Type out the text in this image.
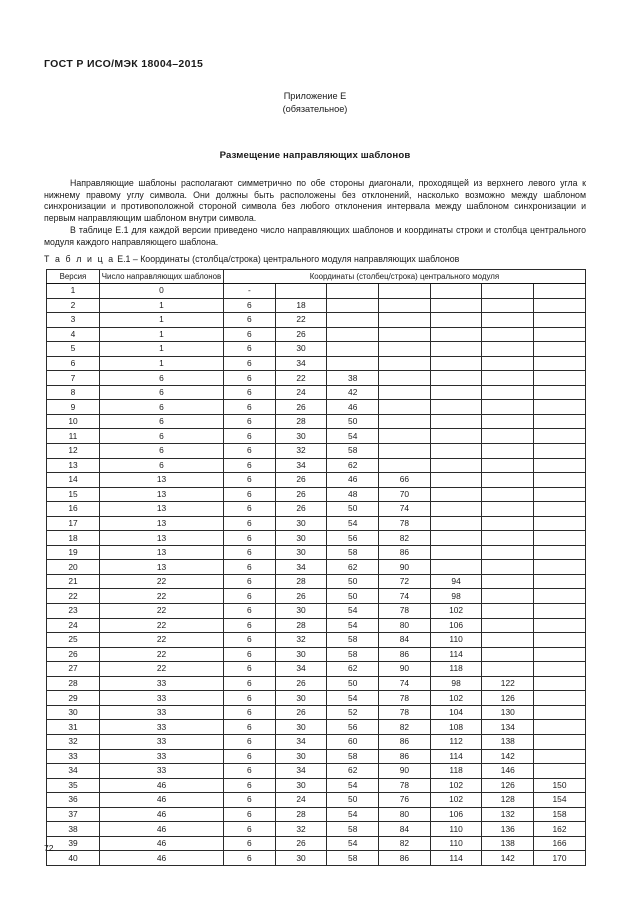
ГОСТ Р ИСО/МЭК 18004–2015
Приложение Е
(обязательное)
Размещение направляющих шаблонов

Направляющие шаблоны располагают симметрично по обе стороны диагонали, проходящей из верхнего левого угла к нижнему правому углу символа. Они должны быть расположены без отклонений, насколько возможно между шаблоном синхронизации и противоположной стороной символа без любого отклонения интервала между шаблоном синхронизации и первым направляющим шаблоном внутри символа.

В таблице Е.1 для каждой версии приведено число направляющих шаблонов и координаты строки и столбца центрального модуля каждого направляющего шаблона.

Т а б л и ц а Е.1 – Координаты (столбца/строка) центрального модуля направляющих шаблонов
Версия	Число направляющих шаблонов	Координаты (столбец/строка) центрального модуля						
1	0	-						
2	1	6	18					
3	1	6	22					
4	1	6	26					
5	1	6	30					
6	1	6	34					
7	6	6	22	38				
8	6	6	24	42				
9	6	6	26	46				
10	6	6	28	50				
11	6	6	30	54				
12	6	6	32	58				
13	6	6	34	62				
14	13	6	26	46	66			
15	13	6	26	48	70			
16	13	6	26	50	74			
17	13	6	30	54	78			
18	13	6	30	56	82			
19	13	6	30	58	86			
20	13	6	34	62	90			
21	22	6	28	50	72	94		
22	22	6	26	50	74	98		
23	22	6	30	54	78	102		
24	22	6	28	54	80	106		
25	22	6	32	58	84	110		
26	22	6	30	58	86	114		
27	22	6	34	62	90	118		
28	33	6	26	50	74	98	122	
29	33	6	30	54	78	102	126	
30	33	6	26	52	78	104	130	
31	33	6	30	56	82	108	134	
32	33	6	34	60	86	112	138	
33	33	6	30	58	86	114	142	
34	33	6	34	62	90	118	146	
35	46	6	30	54	78	102	126	150
36	46	6	24	50	76	102	128	154
37	46	6	28	54	80	106	132	158
38	46	6	32	58	84	110	136	162
39	46	6	26	54	82	110	138	166
40	46	6	30	58	86	114	142	170
72
